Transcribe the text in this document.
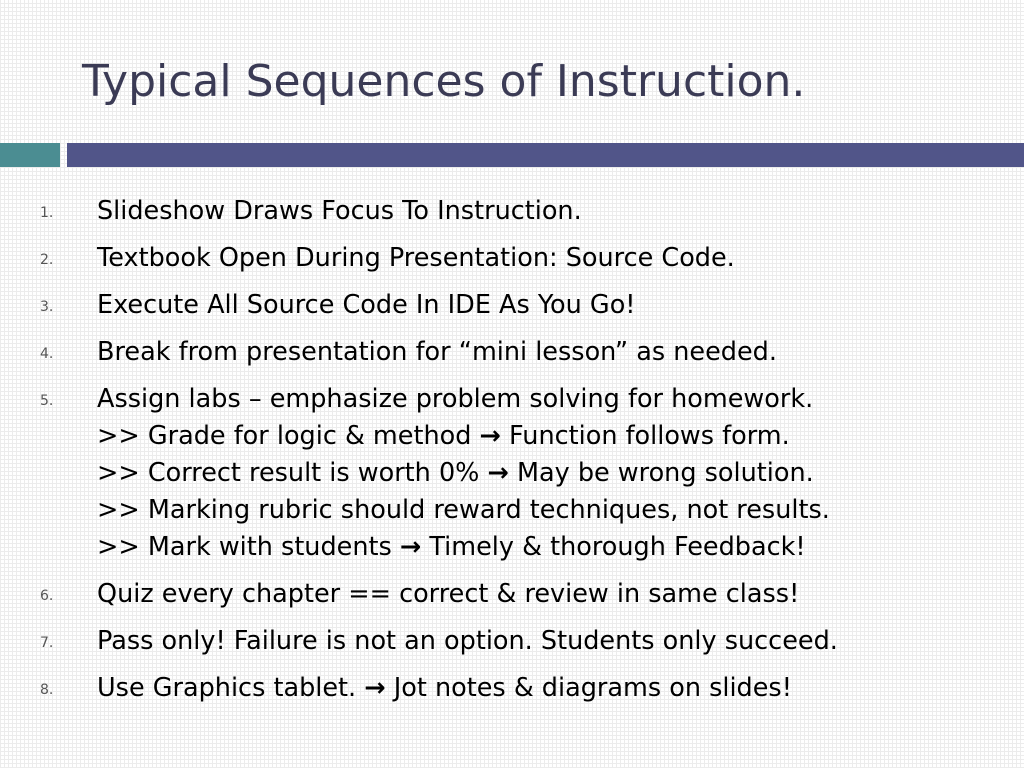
Typical Sequences of Instruction.
1. Slideshow Draws Focus To Instruction.
2. Textbook Open During Presentation: Source Code.
3. Execute All Source Code In IDE As You Go!
4. Break from presentation for “mini lesson” as needed.
5. Assign labs – emphasize problem solving for homework.
>> Grade for logic & method → Function follows form.
>> Correct result is worth 0% → May be wrong solution.
>> Marking rubric should reward techniques, not results.
>> Mark with students → Timely & thorough Feedback!
6. Quiz every chapter == correct & review in same class!
7. Pass only! Failure is not an option. Students only succeed.
8. Use Graphics tablet. → Jot notes & diagrams on slides!
